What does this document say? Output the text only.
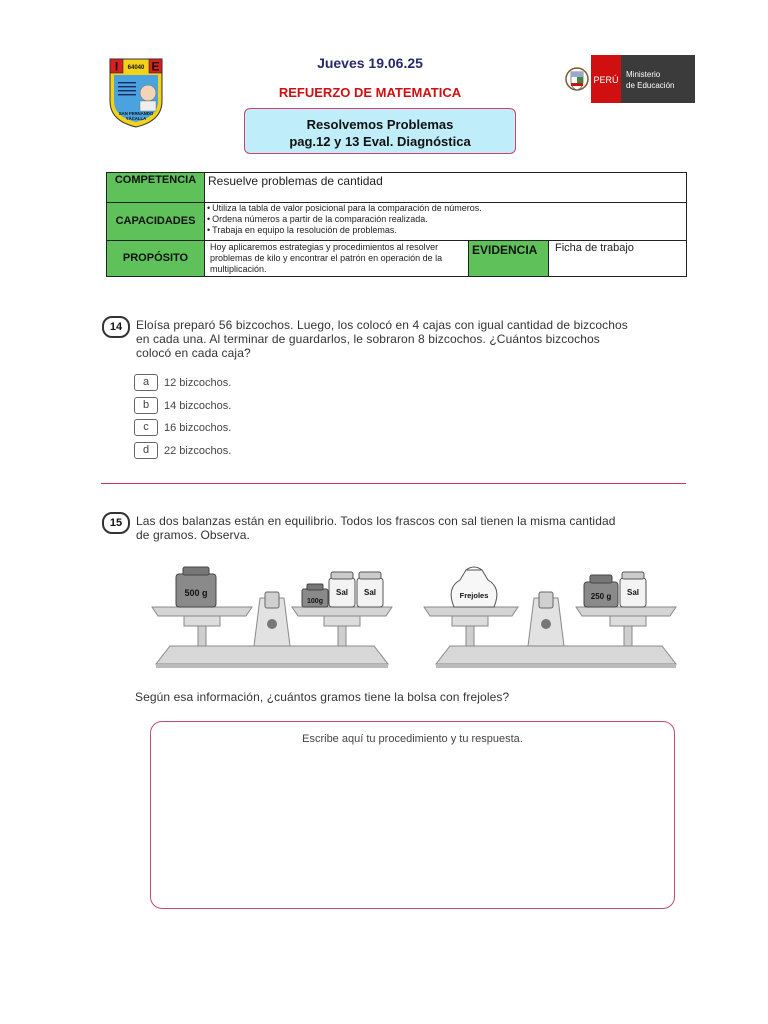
I	E
64040
SAN FERNANDO
YÁCALLA
PERÚ
Ministerio
de Educación
Jueves 19.06.25
REFUERZO DE MATEMATICA
Resolvemos Problemas
pag.12 y 13 Eval. Diagnóstica
COMPETENCIA	Resuelve problemas de cantidad		
CAPACIDADES	• Utiliza la tabla de valor posicional para la comparación de números.
• Ordena números a partir de la comparación realizada.
• Trabaja en equipo la resolución de problemas.

PROPÓSITO	Hoy aplicaremos estrategias y procedimientos al resolver problemas de kilo y encontrar el patrón en operación de la multiplicación.	EVIDENCIA	Ficha de trabajo
14	Eloísa preparó 56 bizcochos. Luego, los colocó en 4 cajas con igual cantidad de bizcochos
en cada una. Al terminar de guardarlos, le sobraron 8 bizcochos. ¿Cuántos bizcochos
colocó en cada caja?
a 12 bizcochos.
b 14 bizcochos.
c 16 bizcochos.
d 22 bizcochos.
15	Las dos balanzas están en equilibrio. Todos los frascos con sal tienen la misma cantidad
de gramos. Observa.
500 g
100g
Sal Sal	Frejoles	250 g Sal
Según esa información, ¿cuántos gramos tiene la bolsa con frejoles?
Escribe aquí tu procedimiento y tu respuesta.
